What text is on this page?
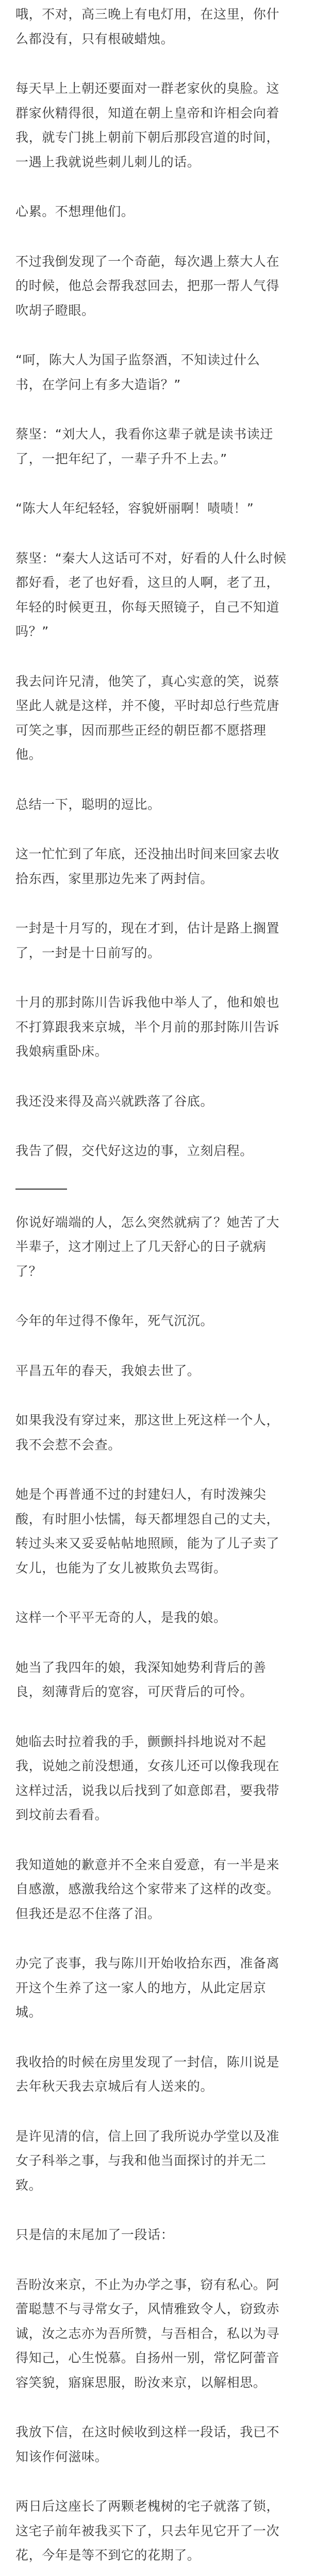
哦，不对，高三晚上有电灯用，在这里，你什
么都没有，只有根破蜡烛。

每天早上上朝还要面对一群老家伙的臭脸。这
群家伙精得很，知道在朝上皇帝和许相会向着
我，就专门挑上朝前下朝后那段宫道的时间，
一遇上我就说些刺儿刺儿的话。

心累。不想理他们。

不过我倒发现了一个奇葩，每次遇上蔡大人在
的时候，他总会帮我怼回去，把那一帮人气得
吹胡子瞪眼。

“呵，陈大人为国子监祭酒，不知读过什么
书，在学问上有多大造诣？”

蔡坚：“刘大人，我看你这辈子就是读书读迂
了，一把年纪了，一辈子升不上去。”

“陈大人年纪轻轻，容貌妍丽啊！啧啧！”

蔡坚：“秦大人这话可不对，好看的人什么时候
都好看，老了也好看，这旦的人啊，老了丑，
年轻的时候更丑，你每天照镜子，自己不知道
吗？”

我去问许兄清，他笑了，真心实意的笑，说蔡
坚此人就是这样，并不傻，平时却总行些荒唐
可笑之事，因而那些正经的朝臣都不愿搭理
他。

总结一下，聪明的逗比。

这一忙忙到了年底，还没抽出时间来回家去收
拾东西，家里那边先来了两封信。

一封是十月写的，现在才到，估计是路上搁置
了，一封是十日前写的。

十月的那封陈川告诉我他中举人了，他和娘也
不打算跟我来京城，半个月前的那封陈川告诉
我娘病重卧床。

我还没来得及高兴就跌落了谷底。

我告了假，交代好这边的事，立刻启程。

你说好端端的人，怎么突然就病了？她苦了大
半辈子，这才刚过上了几天舒心的日子就病
了？

今年的年过得不像年，死气沉沉。

平昌五年的春天，我娘去世了。

如果我没有穿过来，那这世上死这样一个人，
我不会惹不会查。

她是个再普通不过的封建妇人，有时泼辣尖
酸，有时胆小怯懦，每天都埋怨自己的丈夫，
转过头来又妥妥帖帖地照顾，能为了儿子卖了
女儿，也能为了女儿被欺负去骂街。

这样一个平平无奇的人，是我的娘。

她当了我四年的娘，我深知她势利背后的善
良，刻薄背后的宽容，可厌背后的可怜。

她临去时拉着我的手，颤颤抖抖地说对不起
我，说她之前没想通，女孩儿还可以像我现在
这样过活，说我以后找到了如意郎君，要我带
到坟前去看看。

我知道她的歉意并不全来自爱意，有一半是来
自感激，感激我给这个家带来了这样的改变。
但我还是忍不住落了泪。

办完了丧事，我与陈川开始收拾东西，准备离
开这个生养了这一家人的地方，从此定居京
城。

我收拾的时候在房里发现了一封信，陈川说是
去年秋天我去京城后有人送来的。

是许见清的信，信上回了我所说办学堂以及准
女子科举之事，与我和他当面探讨的并无二
致。

只是信的末尾加了一段话：

吾盼汝来京，不止为办学之事，窃有私心。阿
蕾聪慧不与寻常女子，风情雅致令人，窃致赤
诚，汝之志亦为吾所赞，与吾相合，私以为寻
得知己，心生悦慕。自扬州一别，常忆阿蕾音
容笑貌，寤寐思服，盼汝来京，以解相思。

我放下信，在这时候收到这样一段话，我已不
知该作何滋味。

两日后这座长了两颗老槐树的宅子就落了锁，
这宅子前年被我买下了，只去年见它开了一次
花，今年是等不到它的花期了。
